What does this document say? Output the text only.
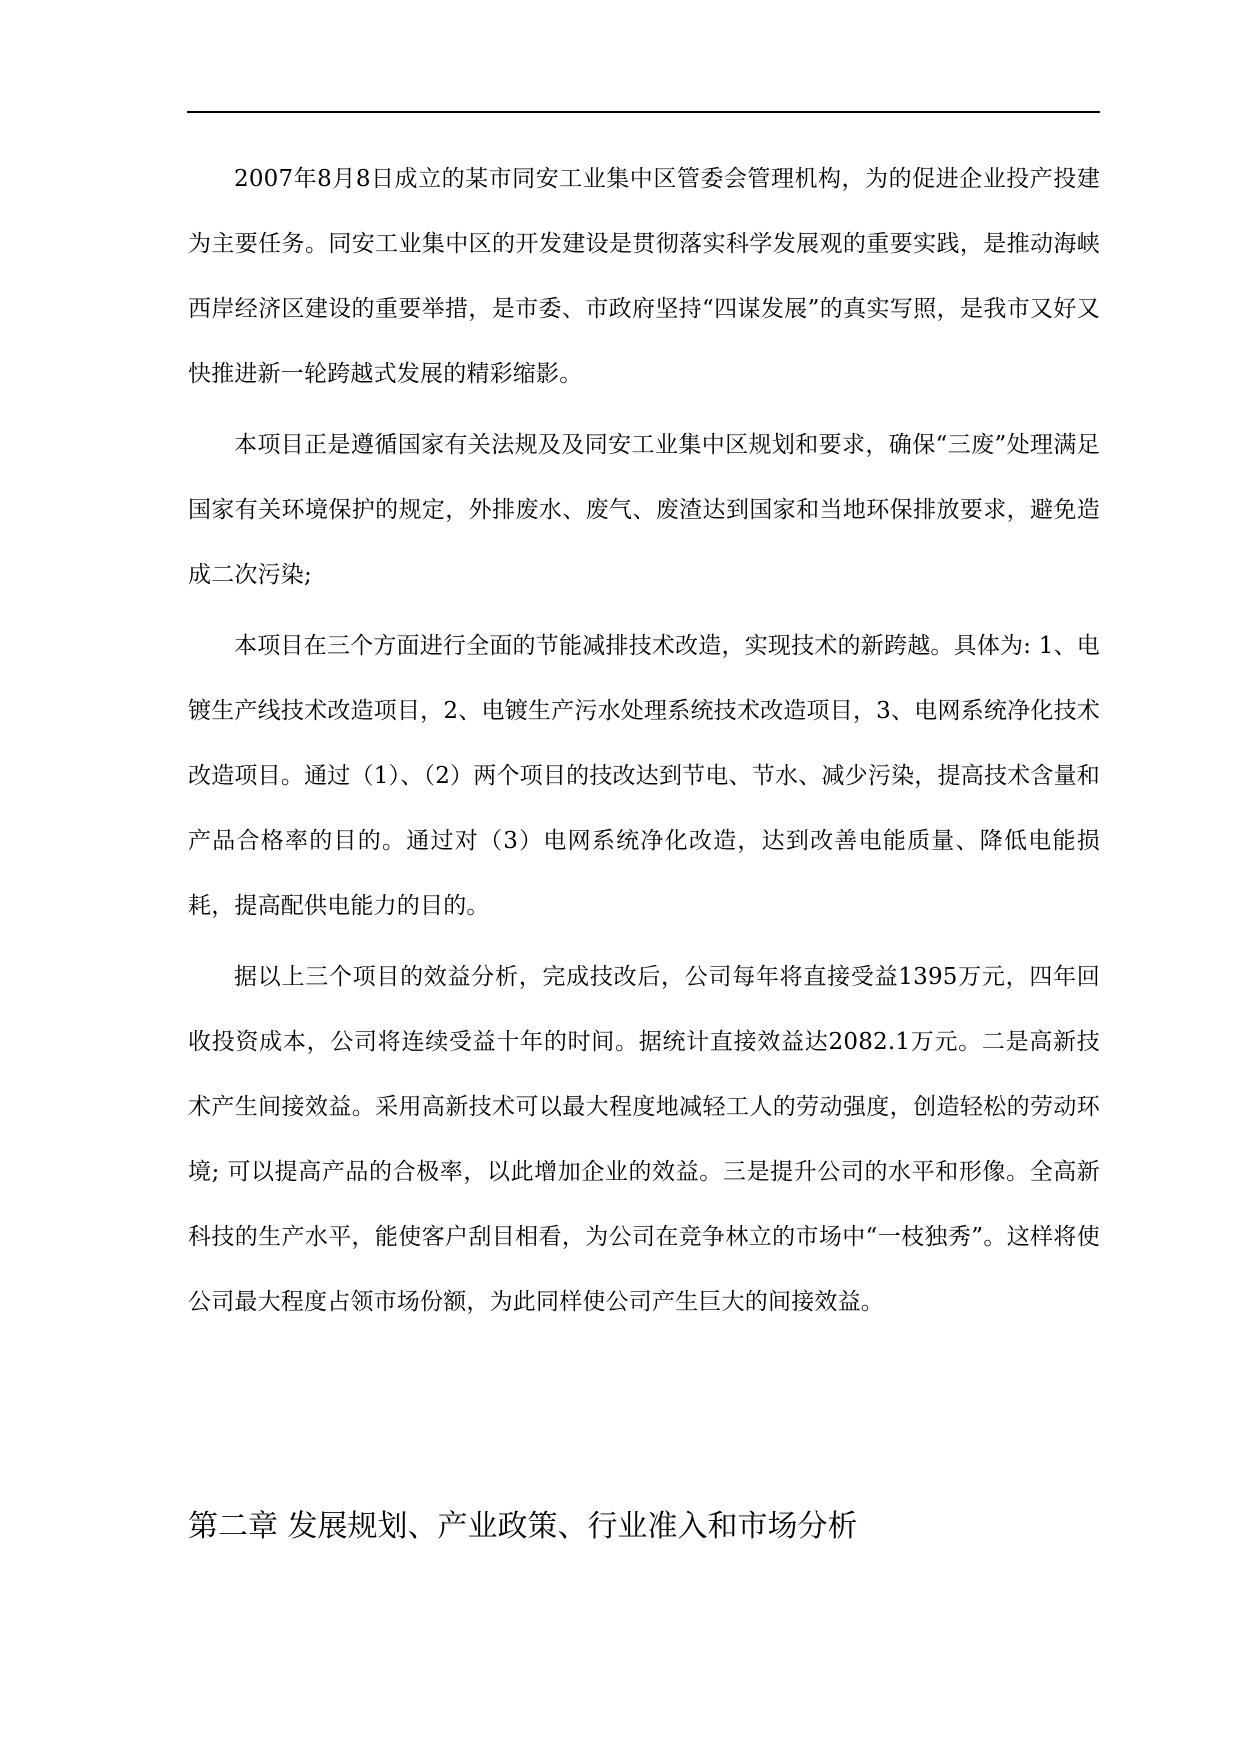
2007年8月8日成立的某市同安工业集中区管委会管理机构，为的促进企业投产投建为主要任务。同安工业集中区的开发建设是贯彻落实科学发展观的重要实践，是推动海峡西岸经济区建设的重要举措，是市委、市政府坚持“四谋发展”的真实写照，是我市又好又快推进新一轮跨越式发展的精彩缩影。

本项目正是遵循国家有关法规及及同安工业集中区规划和要求，确保“三废”处理满足国家有关环境保护的规定，外排废水、废气、废渣达到国家和当地环保排放要求，避免造成二次污染;

本项目在三个方面进行全面的节能减排技术改造，实现技术的新跨越。具体为: 1、电镀生产线技术改造项目，2、电镀生产污水处理系统技术改造项目，3、电网系统净化技术改造项目。通过（1）、（2）两个项目的技改达到节电、节水、减少污染，提高技术含量和产品合格率的目的。通过对（3）电网系统净化改造，达到改善电能质量、降低电能损耗，提高配供电能力的目的。

据以上三个项目的效益分析，完成技改后，公司每年将直接受益1395万元，四年回收投资成本，公司将连续受益十年的时间。据统计直接效益达2082.1万元。二是高新技术产生间接效益。采用高新技术可以最大程度地减轻工人的劳动强度，创造轻松的劳动环境; 可以提高产品的合极率，以此增加企业的效益。三是提升公司的水平和形像。全高新科技的生产水平，能使客户刮目相看，为公司在竞争林立的市场中“一枝独秀”。这样将使公司最大程度占领市场份额，为此同样使公司产生巨大的间接效益。

第二章 发展规划、产业政策、行业准入和市场分析
